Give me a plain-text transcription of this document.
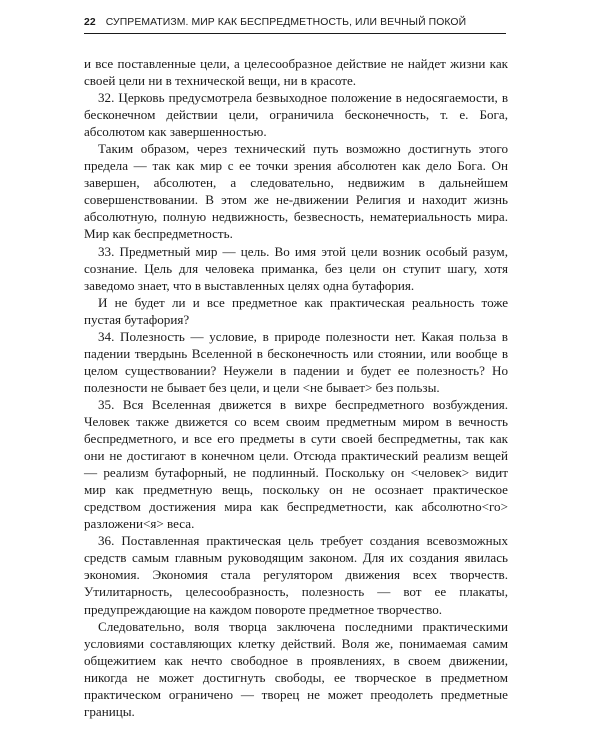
22 СУПРЕМАТИЗМ. МИР КАК БЕСПРЕДМЕТНОСТЬ, ИЛИ ВЕЧНЫЙ ПОКОЙ

и все поставленные цели, а целесообразное действие не найдет жизни как своей цели ни в технической вещи, ни в красоте.

32. Церковь предусмотрела безвыходное положение в недосягаемости, в бесконечном действии цели, ограничила бесконечность, т. е. Бога, абсолютом как завершенностью.

Таким образом, через технический путь возможно достигнуть этого предела — так как мир с ее точки зрения абсолютен как дело Бога. Он завершен, абсолютен, а следовательно, недвижим в дальнейшем совершенствовании. В этом же не-движении Религия и находит жизнь абсолютную, полную недвижность, безвесность, нематериальность мира. Мир как беспредметность.

33. Предметный мир — цель. Во имя этой цели возник особый разум, сознание. Цель для человека приманка, без цели он ступит шагу, хотя заведомо знает, что в выставленных целях одна бутафория.

И не будет ли и все предметное как практическая реальность тоже пустая бутафория?

34. Полезность — условие, в природе полезности нет. Какая польза в падении твердынь Вселенной в бесконечность или стоянии, или вообще в целом существовании? Неужели в падении и будет ее полезность? Но полезности не бывает без цели, и цели <не бывает> без пользы.

35. Вся Вселенная движется в вихре беспредметного возбуждения. Человек также движется со всем своим предметным миром в вечность беспредметного, и все его предметы в сути своей беспредметны, так как они не достигают в конечном цели. Отсюда практический реализм вещей — реализм бутафорный, не подлинный. Поскольку он <человек> видит мир как предметную вещь, поскольку он не осознает практическое средством достижения мира как беспредметности, как абсолютно<го> разложени<я> веса.

36. Поставленная практическая цель требует создания всевозможных средств самым главным руководящим законом. Для их создания явилась экономия. Экономия стала регулятором движения всех творчеств. Утилитарность, целесообразность, полезность — вот ее плакаты, предупреждающие на каждом повороте предметное творчество.

Следовательно, воля творца заключена последними практическими условиями составляющих клетку действий. Воля же, понимаемая самим общежитием как нечто свободное в проявлениях, в своем движении, никогда не может достигнуть свободы, ее творческое в предметном практическом ограничено — творец не может преодолеть предметные границы.
